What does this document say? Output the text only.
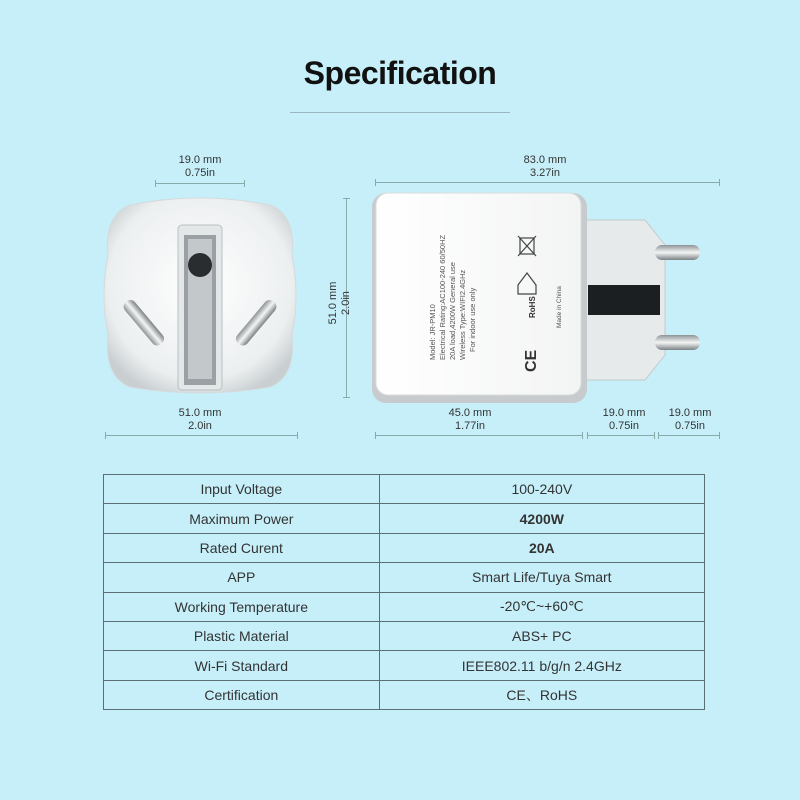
Specification
19.0 mm
0.75in
51.0 mm
2.0in
51.0 mm 2.0in
83.0 mm
3.27in
Model: JR-PM10 Electrical Rating:AC100-240 60/50HZ 20A load,4200W General use Wireless Type:WIFI2.4GHz For indoor use only	RoHS
CE
Made in China
45.0 mm
1.77in
19.0 mm
0.75in
19.0 mm
0.75in
Input Voltage	100-240V
Maximum Power	4200W
Rated Curent	20A
APP	Smart Life/Tuya Smart
Working Temperature	-20℃~+60℃
Plastic Material	ABS+ PC
Wi-Fi Standard	IEEE802.11 b/g/n 2.4GHz
Certification	CE、RoHS
